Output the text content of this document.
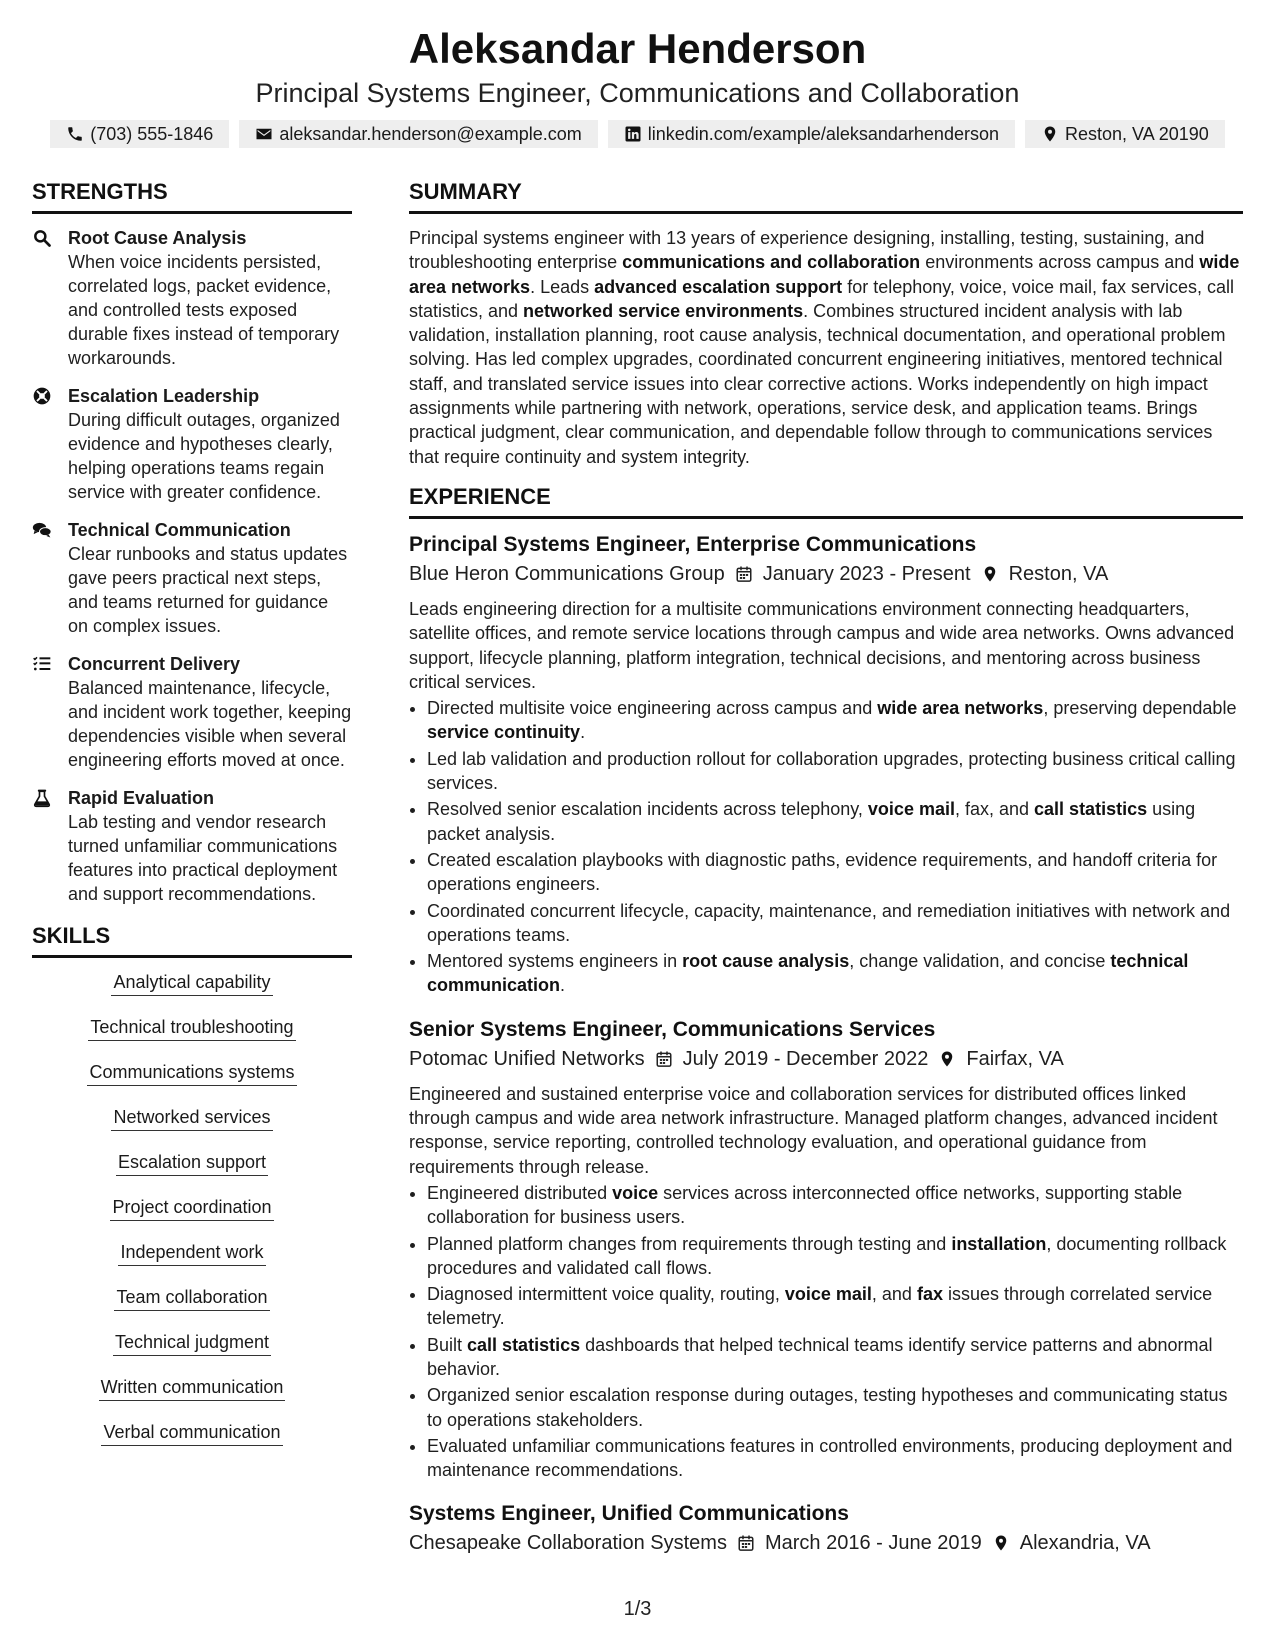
Aleksandar Henderson
Principal Systems Engineer, Communications and Collaboration
(703) 555-1846	aleksandar.henderson@example.com	linkedin.com/example/aleksandarhenderson	Reston, VA 20190
STRENGTHS
Root Cause Analysis
When voice incidents persisted, correlated logs, packet evidence, and controlled tests exposed durable fixes instead of temporary workarounds.
Escalation Leadership
During difficult outages, organized evidence and hypotheses clearly, helping operations teams regain service with greater confidence.
Technical Communication
Clear runbooks and status updates gave peers practical next steps, and teams returned for guidance on complex issues.
Concurrent Delivery
Balanced maintenance, lifecycle, and incident work together, keeping dependencies visible when several engineering efforts moved at once.
Rapid Evaluation
Lab testing and vendor research turned unfamiliar communications features into practical deployment and support recommendations.
SKILLS
Analytical capability
Technical troubleshooting
Communications systems
Networked services
Escalation support
Project coordination
Independent work
Team collaboration
Technical judgment
Written communication
Verbal communication
SUMMARY
Principal systems engineer with 13 years of experience designing, installing, testing, sustaining, and troubleshooting enterprise communications and collaboration environments across campus and wide area networks. Leads advanced escalation support for telephony, voice, voice mail, fax services, call statistics, and networked service environments. Combines structured incident analysis with lab validation, installation planning, root cause analysis, technical documentation, and operational problem solving. Has led complex upgrades, coordinated concurrent engineering initiatives, mentored technical staff, and translated service issues into clear corrective actions. Works independently on high impact assignments while partnering with network, operations, service desk, and application teams. Brings practical judgment, clear communication, and dependable follow through to communications services that require continuity and system integrity.
EXPERIENCE
Principal Systems Engineer, Enterprise Communications
Blue Heron Communications Group January 2023 - Present Reston, VA
Leads engineering direction for a multisite communications environment connecting headquarters, satellite offices, and remote service locations through campus and wide area networks. Owns advanced support, lifecycle planning, platform integration, technical decisions, and mentoring across business critical services.
• Directed multisite voice engineering across campus and wide area networks, preserving dependable service continuity.
• Led lab validation and production rollout for collaboration upgrades, protecting business critical calling services.
• Resolved senior escalation incidents across telephony, voice mail, fax, and call statistics using packet analysis.
• Created escalation playbooks with diagnostic paths, evidence requirements, and handoff criteria for operations engineers.
• Coordinated concurrent lifecycle, capacity, maintenance, and remediation initiatives with network and operations teams.
• Mentored systems engineers in root cause analysis, change validation, and concise technical communication.
Senior Systems Engineer, Communications Services
Potomac Unified Networks July 2019 - December 2022 Fairfax, VA
Engineered and sustained enterprise voice and collaboration services for distributed offices linked through campus and wide area network infrastructure. Managed platform changes, advanced incident response, service reporting, controlled technology evaluation, and operational guidance from requirements through release.
• Engineered distributed voice services across interconnected office networks, supporting stable collaboration for business users.
• Planned platform changes from requirements through testing and installation, documenting rollback procedures and validated call flows.
• Diagnosed intermittent voice quality, routing, voice mail, and fax issues through correlated service telemetry.
• Built call statistics dashboards that helped technical teams identify service patterns and abnormal behavior.
• Organized senior escalation response during outages, testing hypotheses and communicating status to operations stakeholders.
• Evaluated unfamiliar communications features in controlled environments, producing deployment and maintenance recommendations.
Systems Engineer, Unified Communications
Chesapeake Collaboration Systems March 2016 - June 2019 Alexandria, VA
1/3
